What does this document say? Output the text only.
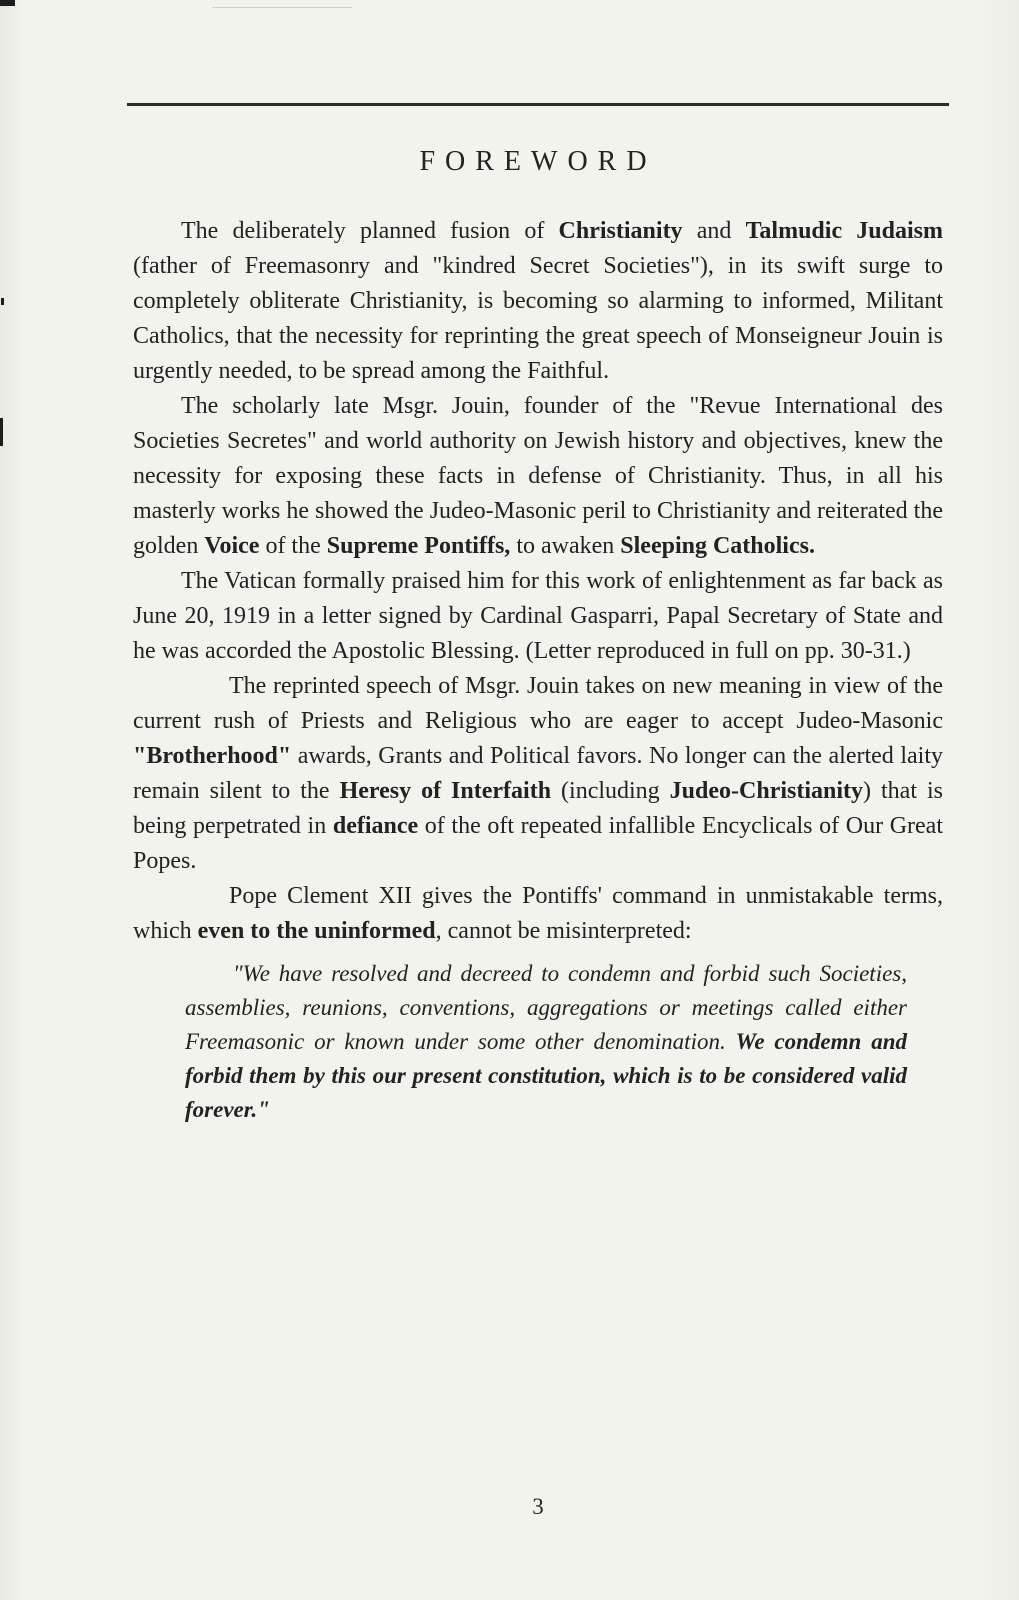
FOREWORD

The deliberately planned fusion of Christianity and Talmudic Judaism (father of Freemasonry and "kindred Secret Societies"), in its swift surge to completely obliterate Christianity, is becoming so alarming to informed, Militant Catholics, that the necessity for reprinting the great speech of Monseigneur Jouin is urgently needed, to be spread among the Faithful.

The scholarly late Msgr. Jouin, founder of the "Revue International des Societies Secretes" and world authority on Jewish history and objectives, knew the necessity for exposing these facts in defense of Christianity. Thus, in all his masterly works he showed the Judeo-Masonic peril to Christianity and reiterated the golden Voice of the Supreme Pontiffs, to awaken Sleeping Catholics.

The Vatican formally praised him for this work of enlightenment as far back as June 20, 1919 in a letter signed by Cardinal Gasparri, Papal Secretary of State and he was accorded the Apostolic Blessing. (Letter reproduced in full on pp. 30-31.)

The reprinted speech of Msgr. Jouin takes on new meaning in view of the current rush of Priests and Religious who are eager to accept Judeo-Masonic "Brotherhood" awards, Grants and Political favors. No longer can the alerted laity remain silent to the Heresy of Interfaith (including Judeo-Christianity) that is being perpetrated in defiance of the oft repeated infallible Encyclicals of Our Great Popes.

Pope Clement XII gives the Pontiffs' command in unmistakable terms, which even to the uninformed, cannot be misinterpreted:

"We have resolved and decreed to condemn and forbid such Societies, assemblies, reunions, conventions, aggregations or meetings called either Freemasonic or known under some other denomination. We condemn and forbid them by this our present constitution, which is to be considered valid forever."

3
